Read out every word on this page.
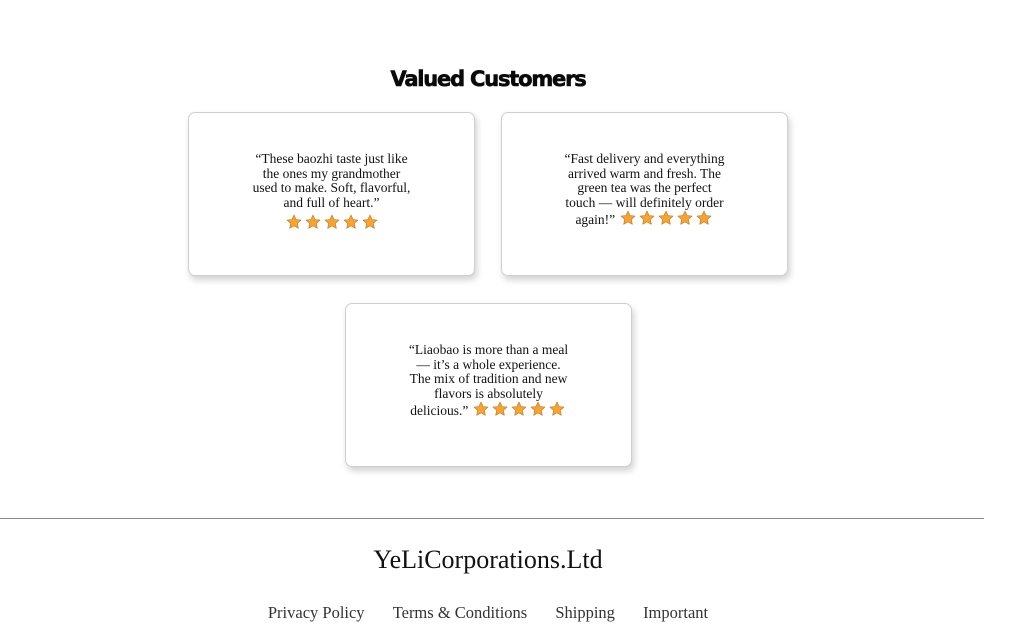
Valued Customers

“These baozhi taste just like the ones my grandmother used to make. Soft, flavorful, and full of heart.”

“Fast delivery and everything arrived warm and fresh. The green tea was the perfect touch — will definitely order again!”

“Liaobao is more than a meal — it’s a whole experience. The mix of tradition and new flavors is absolutely delicious.”

YeLiCorporations.Ltd
Privacy Policy Terms & Conditions Shipping Important
